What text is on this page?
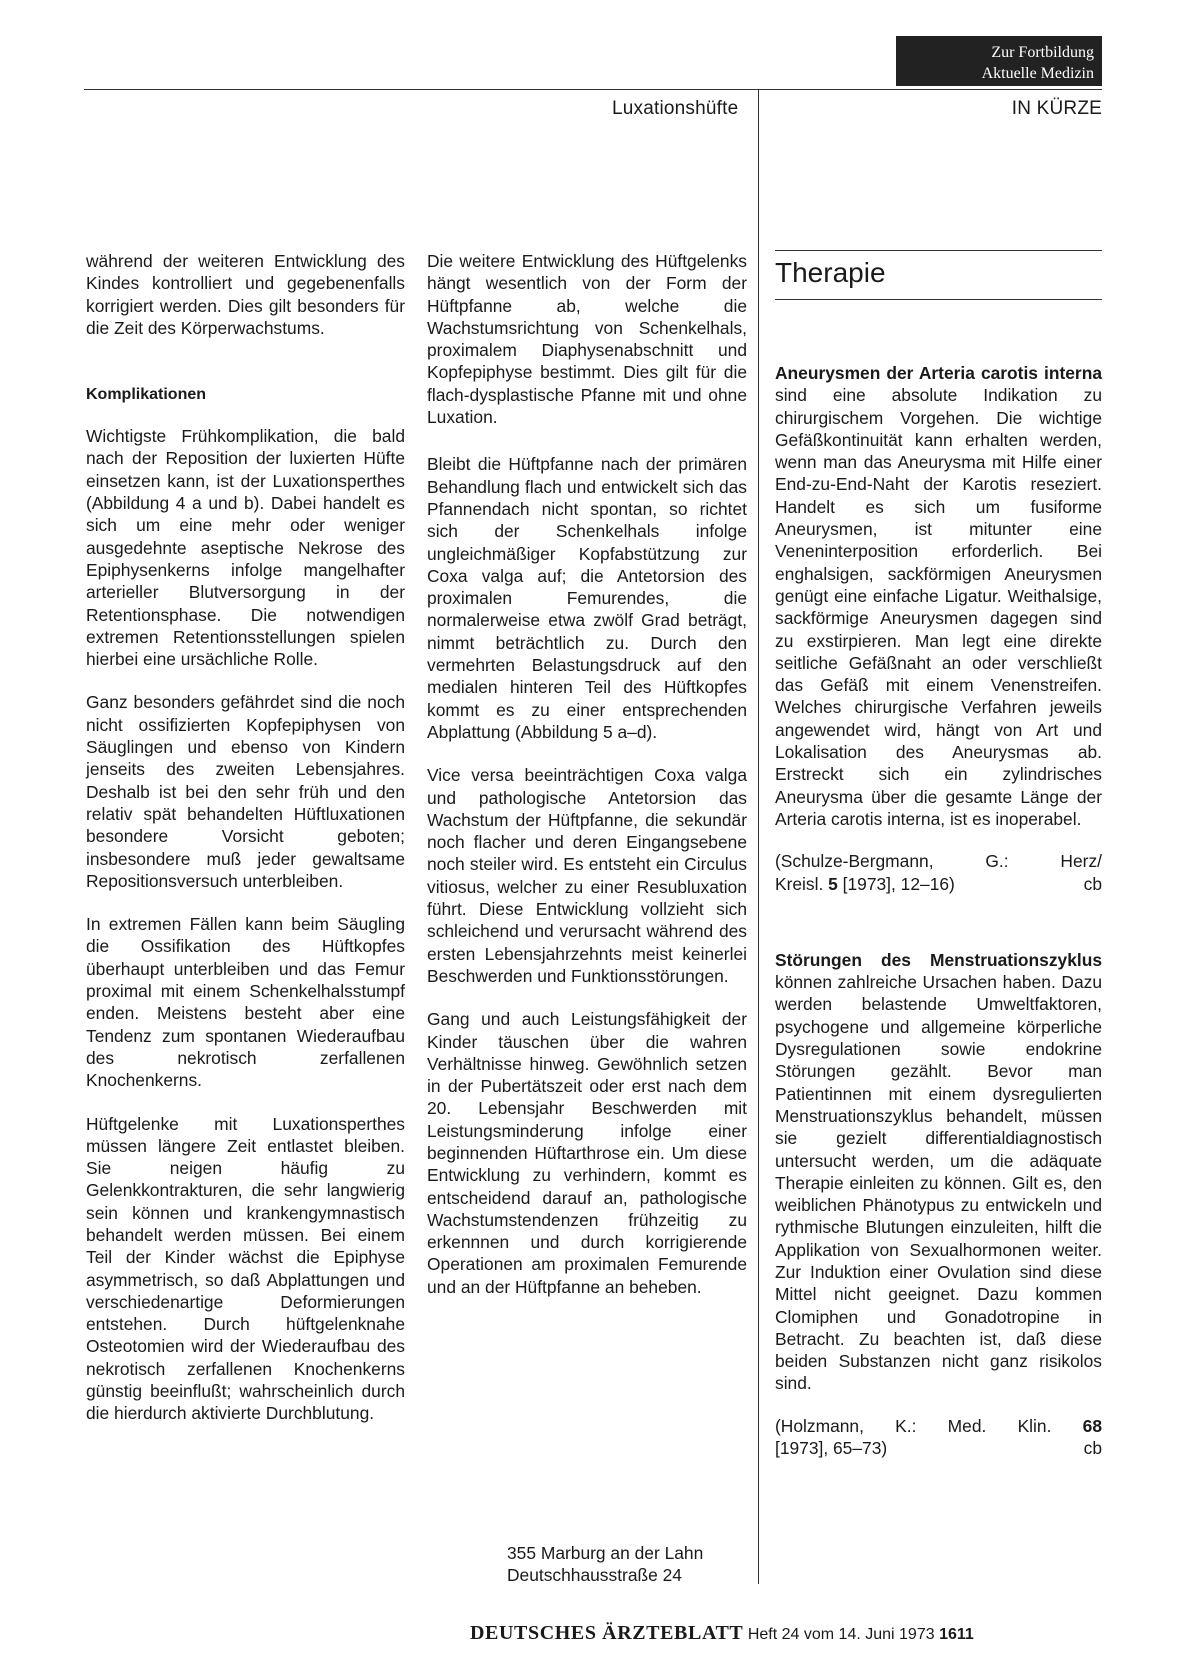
Zur Fortbildung
Aktuelle Medizin
Luxationshüfte	IN KÜRZE

während der weiteren Entwicklung des Kindes kontrolliert und gegebenenfalls korrigiert werden. Dies gilt besonders für die Zeit des Körperwachstums.

Komplikationen

Wichtigste Frühkomplikation, die bald nach der Reposition der luxierten Hüfte einsetzen kann, ist der Luxationsperthes (Abbildung 4 a und b). Dabei handelt es sich um eine mehr oder weniger ausgedehnte aseptische Nekrose des Epiphysenkerns infolge mangelhafter arterieller Blutversorgung in der Retentionsphase. Die notwendigen extremen Retentionsstellungen spielen hierbei eine ursächliche Rolle.

Ganz besonders gefährdet sind die noch nicht ossifizierten Kopfepiphysen von Säuglingen und ebenso von Kindern jenseits des zweiten Lebensjahres. Deshalb ist bei den sehr früh und den relativ spät behandelten Hüftluxationen besondere Vorsicht geboten; insbesondere muß jeder gewaltsame Repositionsversuch unterbleiben.

In extremen Fällen kann beim Säugling die Ossifikation des Hüftkopfes überhaupt unterbleiben und das Femur proximal mit einem Schenkelhalsstumpf enden. Meistens besteht aber eine Tendenz zum spontanen Wiederaufbau des nekrotisch zerfallenen Knochenkerns.

Hüftgelenke mit Luxationsperthes müssen längere Zeit entlastet bleiben. Sie neigen häufig zu Gelenkkontrakturen, die sehr langwierig sein können und krankengymnastisch behandelt werden müssen. Bei einem Teil der Kinder wächst die Epiphyse asymmetrisch, so daß Abplattungen und verschiedenartige Deformierungen entstehen. Durch hüftgelenknahe Osteotomien wird der Wiederaufbau des nekrotisch zerfallenen Knochenkerns günstig beeinflußt; wahrscheinlich durch die hierdurch aktivierte Durchblutung.

Die weitere Entwicklung des Hüftgelenks hängt wesentlich von der Form der Hüftpfanne ab, welche die Wachstumsrichtung von Schenkelhals, proximalem Diaphysenabschnitt und Kopfepiphyse bestimmt. Dies gilt für die flach-dysplastische Pfanne mit und ohne Luxation.

Bleibt die Hüftpfanne nach der primären Behandlung flach und entwickelt sich das Pfannendach nicht spontan, so richtet sich der Schenkelhals infolge ungleichmäßiger Kopfabstützung zur Coxa valga auf; die Antetorsion des proximalen Femurendes, die normalerweise etwa zwölf Grad beträgt, nimmt beträchtlich zu. Durch den vermehrten Belastungsdruck auf den medialen hinteren Teil des Hüftkopfes kommt es zu einer entsprechenden Abplattung (Abbildung 5 a–d).

Vice versa beeinträchtigen Coxa valga und pathologische Antetorsion das Wachstum der Hüftpfanne, die sekundär noch flacher und deren Eingangsebene noch steiler wird. Es entsteht ein Circulus vitiosus, welcher zu einer Resubluxation führt. Diese Entwicklung vollzieht sich schleichend und verursacht während des ersten Lebensjahrzehnts meist keinerlei Beschwerden und Funktionsstörungen.

Gang und auch Leistungsfähigkeit der Kinder täuschen über die wahren Verhältnisse hinweg. Gewöhnlich setzen in der Pubertätszeit oder erst nach dem 20. Lebensjahr Beschwerden mit Leistungsminderung infolge einer beginnenden Hüftarthrose ein. Um diese Entwicklung zu verhindern, kommt es entscheidend darauf an, pathologische Wachstumstendenzen frühzeitig zu erkennnen und durch korrigierende Operationen am proximalen Femurende und an der Hüftpfanne an beheben.

355 Marburg an der Lahn
Deutschhausstraße 24
Therapie

Aneurysmen der Arteria carotis interna sind eine absolute Indikation zu chirurgischem Vorgehen. Die wichtige Gefäßkontinuität kann erhalten werden, wenn man das Aneurysma mit Hilfe einer End-zu-End-Naht der Karotis reseziert. Handelt es sich um fusiforme Aneurysmen, ist mitunter eine Veneninterposition erforderlich. Bei enghalsigen, sackförmigen Aneurysmen genügt eine einfache Ligatur. Weithalsige, sackförmige Aneurysmen dagegen sind zu exstirpieren. Man legt eine direkte seitliche Gefäßnaht an oder verschließt das Gefäß mit einem Venenstreifen. Welches chirurgische Verfahren jeweils angewendet wird, hängt von Art und Lokalisation des Aneurysmas ab. Erstreckt sich ein zylindrisches Aneurysma über die gesamte Länge der Arteria carotis interna, ist es inoperabel.

(Schulze-Bergmann, G.: Herz/
Kreisl. 5 [1973], 12–16)	cb

Störungen des Menstruationszyklus können zahlreiche Ursachen haben. Dazu werden belastende Umweltfaktoren, psychogene und allgemeine körperliche Dysregulationen sowie endokrine Störungen gezählt. Bevor man Patientinnen mit einem dysregulierten Menstruationszyklus behandelt, müssen sie gezielt differentialdiagnostisch untersucht werden, um die adäquate Therapie einleiten zu können. Gilt es, den weiblichen Phänotypus zu entwickeln und rythmische Blutungen einzuleiten, hilft die Applikation von Sexualhormonen weiter. Zur Induktion einer Ovulation sind diese Mittel nicht geeignet. Dazu kommen Clomiphen und Gonadotropine in Betracht. Zu beachten ist, daß diese beiden Substanzen nicht ganz risikolos sind.

(Holzmann, K.: Med. Klin. 68
[1973], 65–73)	cb
DEUTSCHES ÄRZTEBLATT Heft 24 vom 14. Juni 1973 1611
